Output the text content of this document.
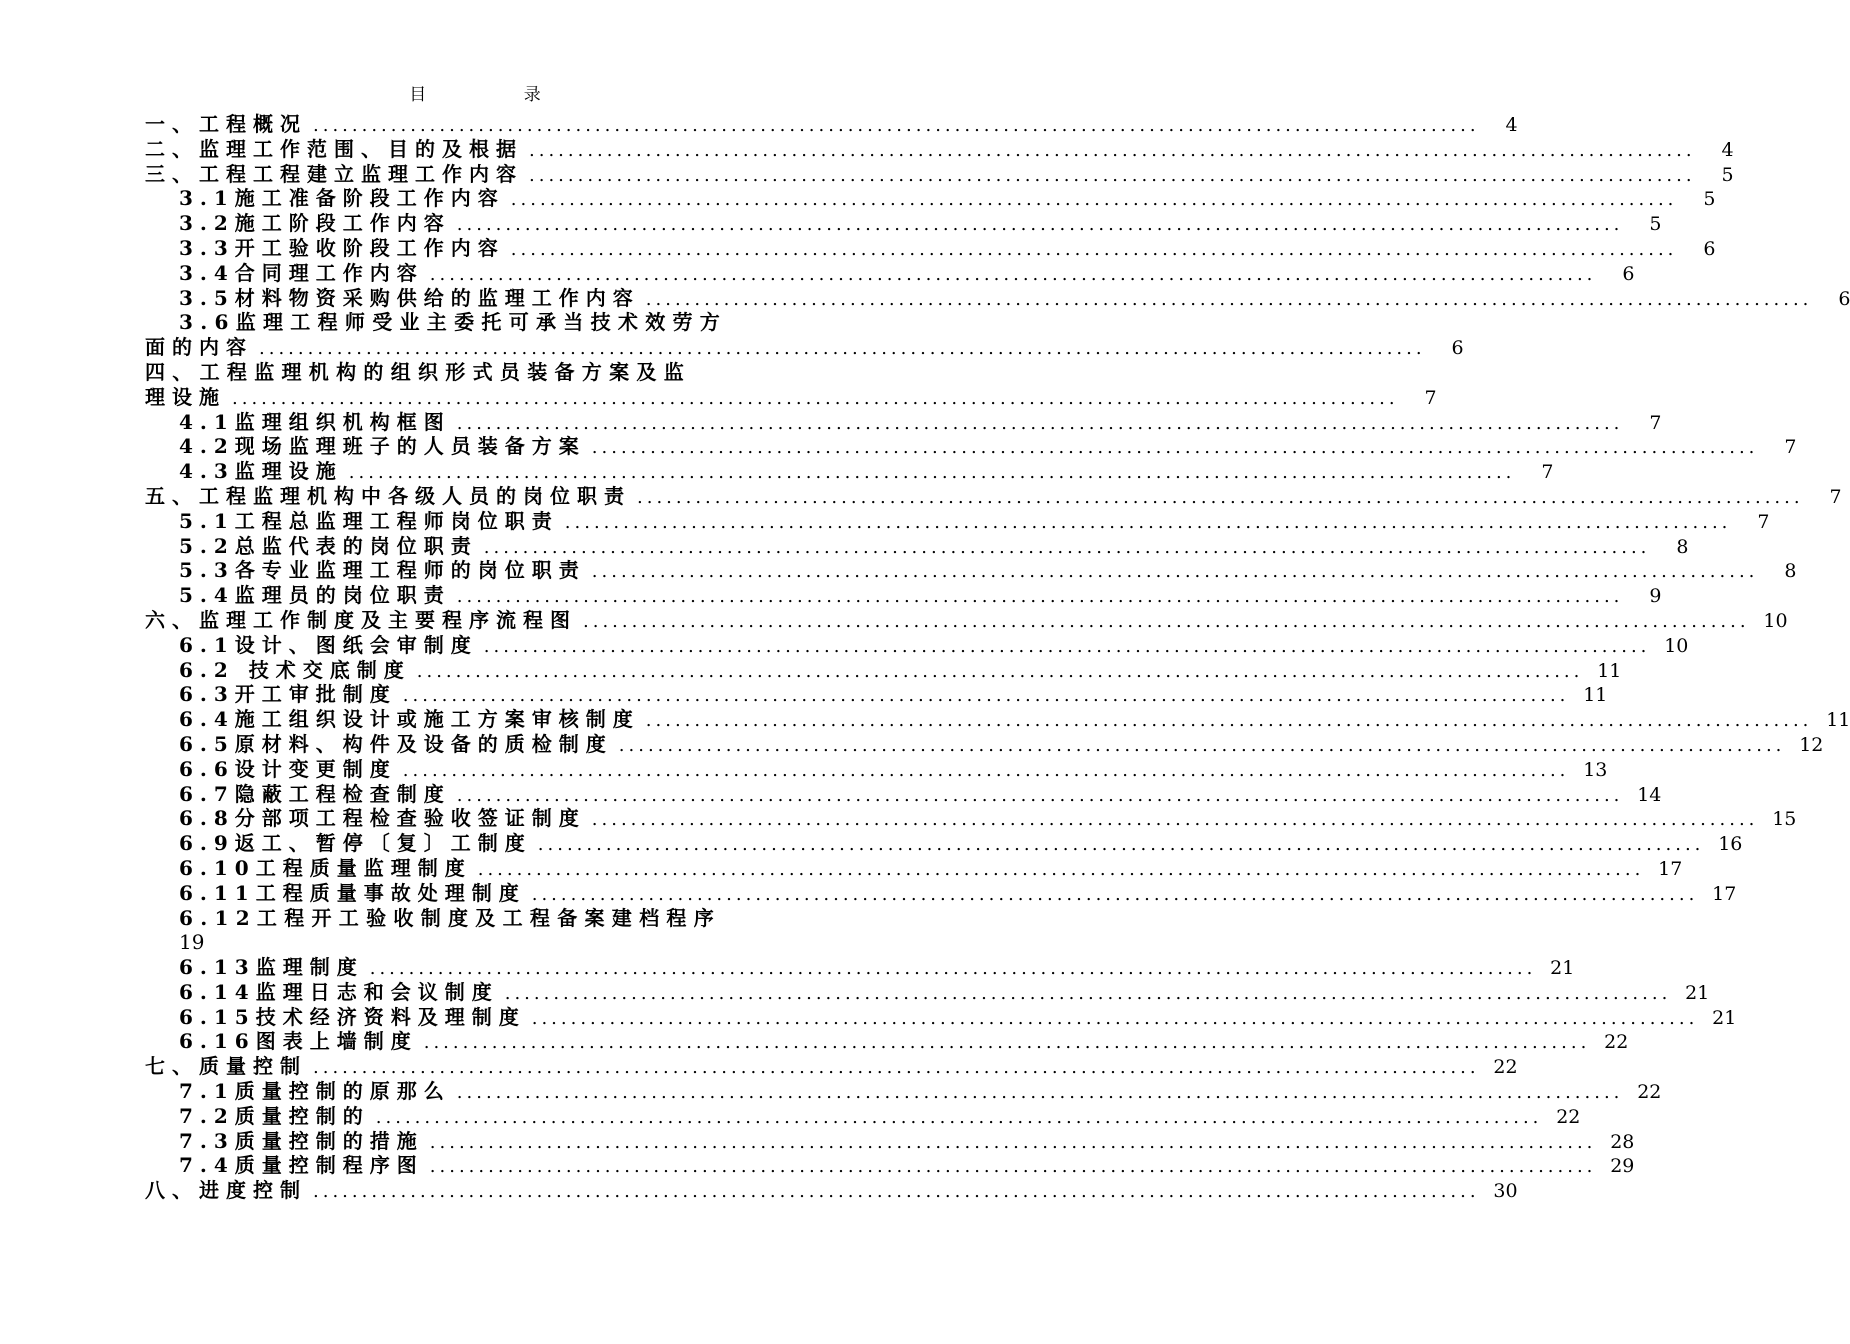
目 录
一、工程概况 ........................................................................................................................	4
二、监理工作范围、目的及根据 ........................................................................................................................	4
三、工程工程建立监理工作内容 ........................................................................................................................	5
3.1施工准备阶段工作内容 ........................................................................................................................	5
3.2施工阶段工作内容 ........................................................................................................................	5
3.3开工验收阶段工作内容 ........................................................................................................................	6
3.4合同理工作内容 ........................................................................................................................	6
3.5材料物资采购供给的监理工作内容 ........................................................................................................................	6
3.6监理工程师受业主委托可承当技术效劳方
面的内容 ........................................................................................................................	6
四、工程监理机构的组织形式员装备方案及监
理设施 ........................................................................................................................	7
4.1监理组织机构框图 ........................................................................................................................	7
4.2现场监理班子的人员装备方案 ........................................................................................................................	7
4.3监理设施 ........................................................................................................................	7
五、工程监理机构中各级人员的岗位职责 ........................................................................................................................	7
5.1工程总监理工程师岗位职责 ........................................................................................................................	7
5.2总监代表的岗位职责 ........................................................................................................................	8
5.3各专业监理工程师的岗位职责 ........................................................................................................................	8
5.4监理员的岗位职责 ........................................................................................................................	9
六、监理工作制度及主要程序流程图 ........................................................................................................................ 10
6.1设计、图纸会审制度 ........................................................................................................................ 10
6.2 技术交底制度 ........................................................................................................................ 11
6.3开工审批制度 ........................................................................................................................ 11
6.4施工组织设计或施工方案审核制度 ........................................................................................................................ 11
6.5原材料、构件及设备的质检制度 ........................................................................................................................ 12
6.6设计变更制度 ........................................................................................................................ 13
6.7隐蔽工程检查制度 ........................................................................................................................ 14
6.8分部项工程检查验收签证制度 ........................................................................................................................ 15
6.9返工、暂停〔复〕工制度 ........................................................................................................................ 16
6.10工程质量监理制度 ........................................................................................................................ 17
6.11工程质量事故处理制度 ........................................................................................................................ 17
6.12工程开工验收制度及工程备案建档程序
19
6.13监理制度 ........................................................................................................................ 21
6.14监理日志和会议制度 ........................................................................................................................ 21
6.15技术经济资料及理制度 ........................................................................................................................ 21
6.16图表上墙制度 ........................................................................................................................ 22
七、质量控制 ........................................................................................................................ 22
7.1质量控制的原那么 ........................................................................................................................ 22
7.2质量控制的 ........................................................................................................................ 22
7.3质量控制的措施 ........................................................................................................................ 28
7.4质量控制程序图 ........................................................................................................................ 29
八、进度控制 ........................................................................................................................ 30
